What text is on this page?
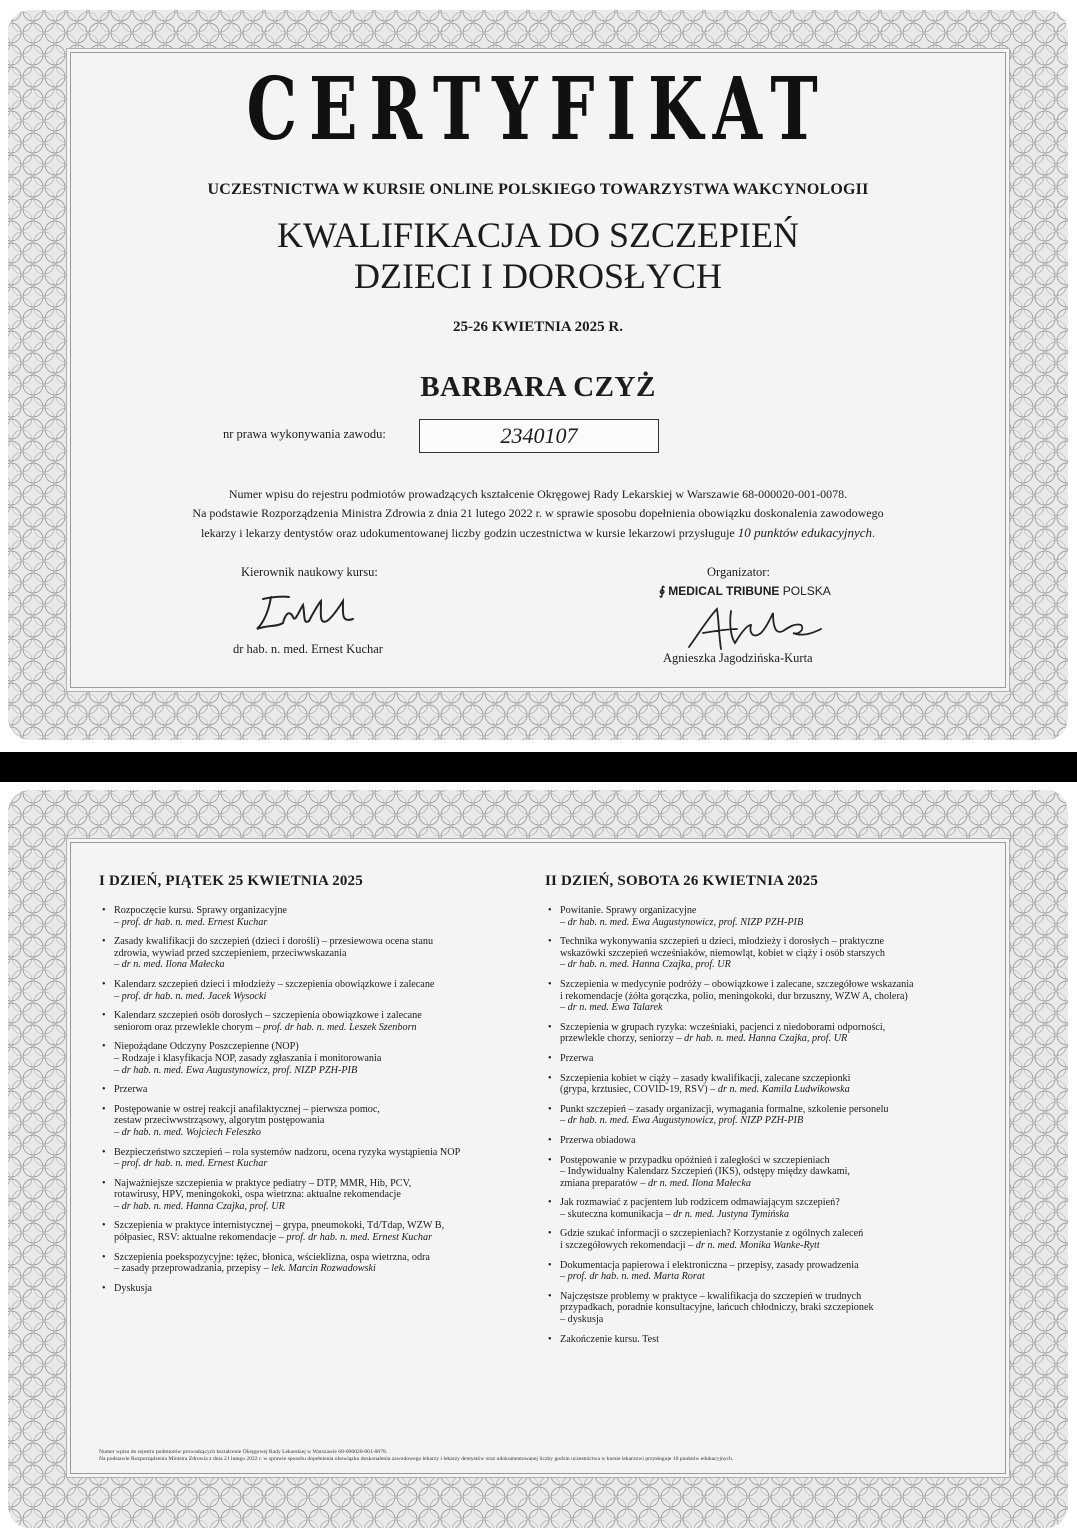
CERTYFIKAT
UCZESTNICTWA W KURSIE ONLINE POLSKIEGO TOWARZYSTWA WAKCYNOLOGII
KWALIFIKACJA DO SZCZEPIEŃ
DZIECI I DOROSŁYCH
25-26 KWIETNIA 2025 R.
BARBARA CZYŻ
nr prawa wykonywania zawodu:	2340107
Numer wpisu do rejestru podmiotów prowadzących kształcenie Okręgowej Rady Lekarskiej w Warszawie 68-000020-001-0078.
Na podstawie Rozporządzenia Ministra Zdrowia z dnia 21 lutego 2022 r. w sprawie sposobu dopełnienia obowiązku doskonalenia zawodowego
lekarzy i lekarzy dentystów oraz udokumentowanej liczby godzin uczestnictwa w kursie lekarzowi przysługuje 10 punktów edukacyjnych.
Kierownik naukowy kursu:
dr hab. n. med. Ernest Kuchar
Organizator:
∮ MEDICAL TRIBUNE POLSKA
Agnieszka Jagodzińska-Kurta
I DZIEŃ, PIĄTEK 25 KWIETNIA 2025
• Rozpoczęcie kursu. Sprawy organizacyjne
– prof. dr hab. n. med. Ernest Kuchar
• Zasady kwalifikacji do szczepień (dzieci i dorośli) – przesiewowa ocena stanu
zdrowia, wywiad przed szczepieniem, przeciwwskazania
– dr n. med. Ilona Małecka
• Kalendarz szczepień dzieci i młodzieży – szczepienia obowiązkowe i zalecane
– prof. dr hab. n. med. Jacek Wysocki
• Kalendarz szczepień osób dorosłych – szczepienia obowiązkowe i zalecane
seniorom oraz przewlekle chorym – prof. dr hab. n. med. Leszek Szenborn
• Niepożądane Odczyny Poszczepienne (NOP)
– Rodzaje i klasyfikacja NOP, zasady zgłaszania i monitorowania
– dr hab. n. med. Ewa Augustynowicz, prof. NIZP PZH-PIB
• Przerwa
• Postępowanie w ostrej reakcji anafilaktycznej – pierwsza pomoc,
zestaw przeciwwstrząsowy, algorytm postępowania
– dr hab. n. med. Wojciech Feleszko
• Bezpieczeństwo szczepień – rola systemów nadzoru, ocena ryzyka wystąpienia NOP
– prof. dr hab. n. med. Ernest Kuchar
• Najważniejsze szczepienia w praktyce pediatry – DTP, MMR, Hib, PCV,
rotawirusy, HPV, meningokoki, ospa wietrzna: aktualne rekomendacje
– dr hab. n. med. Hanna Czajka, prof. UR
• Szczepienia w praktyce internistycznej – grypa, pneumokoki, Td/Tdap, WZW B,
półpasiec, RSV: aktualne rekomendacje – prof. dr hab. n. med. Ernest Kuchar
• Szczepienia poekspozycyjne: tężec, błonica, wścieklizna, ospa wietrzna, odra
– zasady przeprowadzania, przepisy – lek. Marcin Rozwadowski
• Dyskusja
II DZIEŃ, SOBOTA 26 KWIETNIA 2025
• Powitanie. Sprawy organizacyjne
– dr hab. n. med. Ewa Augustynowicz, prof. NIZP PZH-PIB
• Technika wykonywania szczepień u dzieci, młodzieży i dorosłych – praktyczne
wskazówki szczepień wcześniaków, niemowląt, kobiet w ciąży i osób starszych
– dr hab. n. med. Hanna Czajka, prof. UR
• Szczepienia w medycynie podróży – obowiązkowe i zalecane, szczegółowe wskazania
i rekomendacje (żółta gorączka, polio, meningokoki, dur brzuszny, WZW A, cholera)
– dr n. med. Ewa Talarek
• Szczepienia w grupach ryzyka: wcześniaki, pacjenci z niedoborami odporności,
przewlekle chorzy, seniorzy – dr hab. n. med. Hanna Czajka, prof. UR
• Przerwa
• Szczepienia kobiet w ciąży – zasady kwalifikacji, zalecane szczepionki
(grypa, krztusiec, COVID-19, RSV) – dr n. med. Kamila Ludwikowska
• Punkt szczepień – zasady organizacji, wymagania formalne, szkolenie personelu
– dr hab. n. med. Ewa Augustynowicz, prof. NIZP PZH-PIB
• Przerwa obiadowa
• Postępowanie w przypadku opóźnień i zaległości w szczepieniach
– Indywidualny Kalendarz Szczepień (IKS), odstępy między dawkami,
zmiana preparatów – dr n. med. Ilona Małecka
• Jak rozmawiać z pacjentem lub rodzicem odmawiającym szczepień?
– skuteczna komunikacja – dr n. med. Justyna Tymińska
• Gdzie szukać informacji o szczepieniach? Korzystanie z ogólnych zaleceń
i szczegółowych rekomendacji – dr n. med. Monika Wanke-Rytt
• Dokumentacja papierowa i elektroniczna – przepisy, zasady prowadzenia
– prof. dr hab. n. med. Marta Rorat
• Najczęstsze problemy w praktyce – kwalifikacja do szczepień w trudnych
przypadkach, poradnie konsultacyjne, łańcuch chłodniczy, braki szczepionek
– dyskusja
• Zakończenie kursu. Test
Numer wpisu do rejestru podmiotów prowadzących kształcenie Okręgowej Rady Lekarskiej w Warszawie 68-000020-001-0078.
Na podstawie Rozporządzenia Ministra Zdrowia z dnia 21 lutego 2022 r. w sprawie sposobu dopełnienia obowiązku doskonalenia zawodowego lekarzy i lekarzy dentystów oraz udokumentowanej liczby godzin uczestnictwa w kursie lekarzowi przysługuje 10 punktów edukacyjnych.
